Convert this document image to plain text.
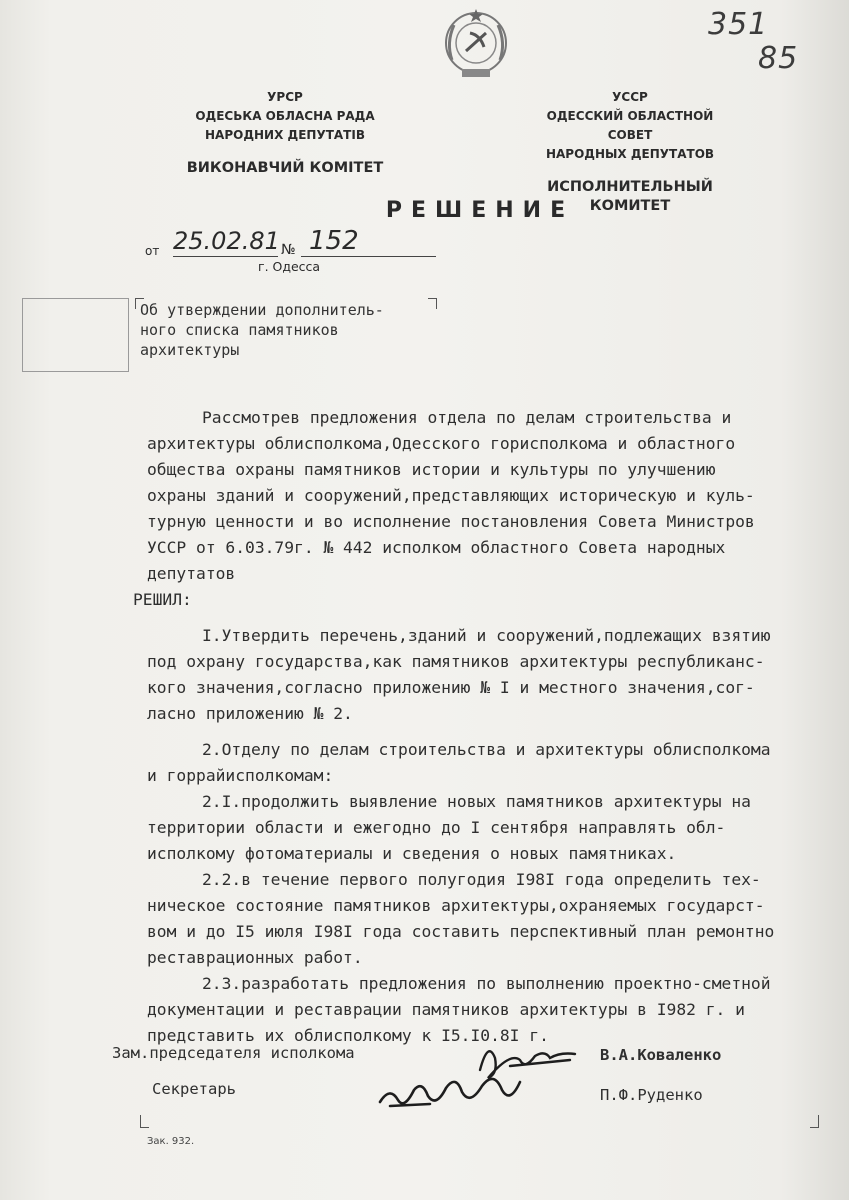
351
85
УРСР
ОДЕСЬКА ОБЛАСНА РАДА
НАРОДНИХ ДЕПУТАТІВ
ВИКОНАВЧИЙ КОМІТЕТ
УССР
ОДЕССКИЙ ОБЛАСТНОЙ СОВЕТ
НАРОДНЫХ ДЕПУТАТОВ
ИСПОЛНИТЕЛЬНЫЙ КОМИТЕТ
РЕШЕНИЕ
от 25.02.81 № 152
г. Одесса
Об утверждении дополнитель-
ного списка памятников
архитектуры
Рассмотрев предложения отдела по делам строительства и
архитектуры облисполкома,Одесского горисполкома и областного
общества охраны памятников истории и культуры по улучшению
охраны зданий и сооружений,представляющих историческую и куль-
турную ценности и во исполнение постановления Совета Министров
УССР от 6.03.79г. № 442 исполком областного Совета народных
депутатов
РЕШИЛ:
I.Утвердить перечень,зданий и сооружений,подлежащих взятию
под охрану государства,как памятников архитектуры республиканс-
кого значения,согласно приложению № I и местного значения,сог-
ласно приложению № 2.
2.Отделу по делам строительства и архитектуры облисполкома
и горрайисполкомам:
2.I.продолжить выявление новых памятников архитектуры на
территории области и ежегодно до I сентября направлять обл-
исполкому фотоматериалы и сведения о новых памятниках.
2.2.в течение первого полугодия I98I года определить тех-
ническое состояние памятников архитектуры,охраняемых государст-
вом и до I5 июля I98I года составить перспективный план ремонтно
реставрационных работ.
2.3.разработать предложения по выполнению проектно-сметной
документации и реставрации памятников архитектуры в I982 г. и
представить их облисполкому к I5.I0.8I г.
Зам.председателя исполкома	В.А.Коваленко
Секретарь	П.Ф.Руденко
Зак. 932.
